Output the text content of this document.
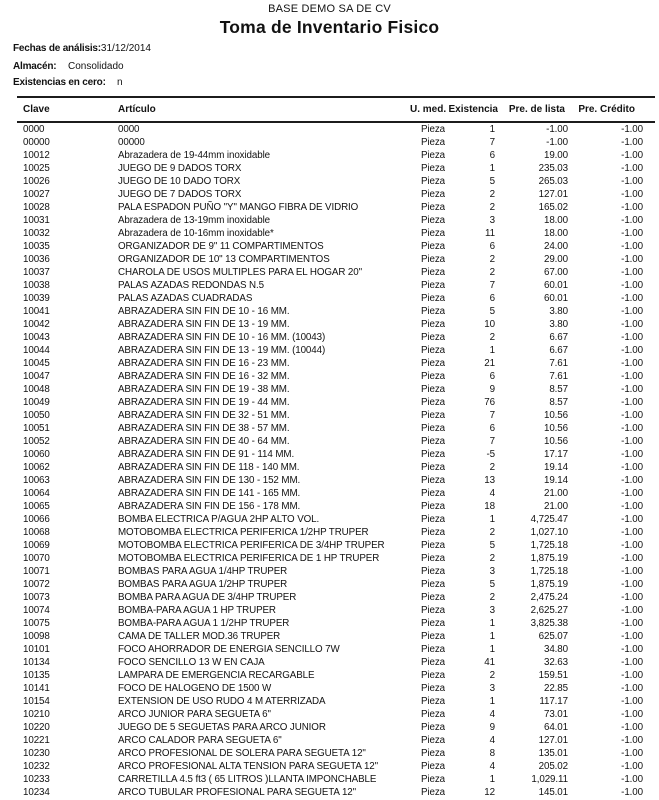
BASE DEMO SA DE CV
Toma de Inventario Fisico
Fechas de análisis:31/12/2014
Almacén: Consolidado
Existencias en cero: n
Clave	Artículo	U. med.	Existencia	Pre. de lista	Pre. Crédito
0000	0000	Pieza	1	-1.00	-1.00
00000	00000	Pieza	7	-1.00	-1.00
10012	Abrazadera de 19-44mm inoxidable	Pieza	6	19.00	-1.00
10025	JUEGO DE 9 DADOS TORX	Pieza	1	235.03	-1.00
10026	JUEGO DE 10 DADO TORX	Pieza	5	265.03	-1.00
10027	JUEGO DE 7 DADOS TORX	Pieza	2	127.01	-1.00
10028	PALA ESPADON PUÑO "Y" MANGO FIBRA DE VIDRIO	Pieza	2	165.02	-1.00
10031	Abrazadera de 13-19mm inoxidable	Pieza	3	18.00	-1.00
10032	Abrazadera de 10-16mm inoxidable*	Pieza	11	18.00	-1.00
10035	ORGANIZADOR DE 9" 11 COMPARTIMENTOS	Pieza	6	24.00	-1.00
10036	ORGANIZADOR DE 10" 13 COMPARTIMENTOS	Pieza	2	29.00	-1.00
10037	CHAROLA DE USOS MULTIPLES PARA EL HOGAR 20"	Pieza	2	67.00	-1.00
10038	PALAS AZADAS REDONDAS N.5	Pieza	7	60.01	-1.00
10039	PALAS AZADAS CUADRADAS	Pieza	6	60.01	-1.00
10041	ABRAZADERA SIN FIN DE 10 - 16 MM.	Pieza	5	3.80	-1.00
10042	ABRAZADERA SIN FIN DE 13 - 19 MM.	Pieza	10	3.80	-1.00
10043	ABRAZADERA SIN FIN DE 10 - 16 MM. (10043)	Pieza	2	6.67	-1.00
10044	ABRAZADERA SIN FIN DE 13 - 19 MM. (10044)	Pieza	1	6.67	-1.00
10045	ABRAZADERA SIN FIN DE 16 - 23 MM.	Pieza	21	7.61	-1.00
10047	ABRAZADERA SIN FIN DE 16 - 32 MM.	Pieza	6	7.61	-1.00
10048	ABRAZADERA SIN FIN DE 19 - 38 MM.	Pieza	9	8.57	-1.00
10049	ABRAZADERA SIN FIN DE 19 - 44 MM.	Pieza	76	8.57	-1.00
10050	ABRAZADERA SIN FIN DE 32 - 51 MM.	Pieza	7	10.56	-1.00
10051	ABRAZADERA SIN FIN DE 38 - 57 MM.	Pieza	6	10.56	-1.00
10052	ABRAZADERA SIN FIN DE 40 - 64 MM.	Pieza	7	10.56	-1.00
10060	ABRAZADERA SIN FIN DE 91 - 114 MM.	Pieza	-5	17.17	-1.00
10062	ABRAZADERA SIN FIN DE 118 - 140 MM.	Pieza	2	19.14	-1.00
10063	ABRAZADERA SIN FIN DE 130 - 152 MM.	Pieza	13	19.14	-1.00
10064	ABRAZADERA SIN FIN DE 141 - 165 MM.	Pieza	4	21.00	-1.00
10065	ABRAZADERA SIN FIN DE 156 - 178 MM.	Pieza	18	21.00	-1.00
10066	BOMBA ELECTRICA P/AGUA 2HP ALTO VOL.	Pieza	1	4,725.47	-1.00
10068	MOTOBOMBA ELECTRICA PERIFERICA 1/2HP TRUPER	Pieza	2	1,027.10	-1.00
10069	MOTOBOMBA ELECTRICA PERIFERICA DE 3/4HP TRUPER	Pieza	5	1,725.18	-1.00
10070	MOTOBOMBA ELECTRICA PERIFERICA DE 1 HP TRUPER	Pieza	2	1,875.19	-1.00
10071	BOMBAS PARA AGUA 1/4HP TRUPER	Pieza	3	1,725.18	-1.00
10072	BOMBAS PARA AGUA 1/2HP TRUPER	Pieza	5	1,875.19	-1.00
10073	BOMBA PARA AGUA DE 3/4HP TRUPER	Pieza	2	2,475.24	-1.00
10074	BOMBA-PARA AGUA 1 HP TRUPER	Pieza	3	2,625.27	-1.00
10075	BOMBA-PARA AGUA 1 1/2HP TRUPER	Pieza	1	3,825.38	-1.00
10098	CAMA DE TALLER MOD.36 TRUPER	Pieza	1	625.07	-1.00
10101	FOCO AHORRADOR DE ENERGIA SENCILLO 7W	Pieza	1	34.80	-1.00
10134	FOCO SENCILLO 13 W EN CAJA	Pieza	41	32.63	-1.00
10135	LAMPARA DE EMERGENCIA RECARGABLE	Pieza	2	159.51	-1.00
10141	FOCO DE HALOGENO DE 1500 W	Pieza	3	22.85	-1.00
10154	EXTENSION DE USO RUDO 4 M ATERRIZADA	Pieza	1	117.17	-1.00
10210	ARCO JUNIOR PARA SEGUETA 6"	Pieza	4	73.01	-1.00
10220	JUEGO DE 5 SEGUETAS PARA ARCO JUNIOR	Pieza	9	64.01	-1.00
10221	ARCO CALADOR PARA SEGUETA 6"	Pieza	4	127.01	-1.00
10230	ARCO PROFESIONAL DE SOLERA PARA SEGUETA 12"	Pieza	8	135.01	-1.00
10232	ARCO PROFESIONAL ALTA TENSION PARA SEGUETA 12"	Pieza	4	205.02	-1.00
10233	CARRETILLA 4.5 ft3 ( 65 LITROS )LLANTA IMPONCHABLE	Pieza	1	1,029.11	-1.00
10234	ARCO TUBULAR PROFESIONAL PARA SEGUETA 12"	Pieza	12	145.01	-1.00
